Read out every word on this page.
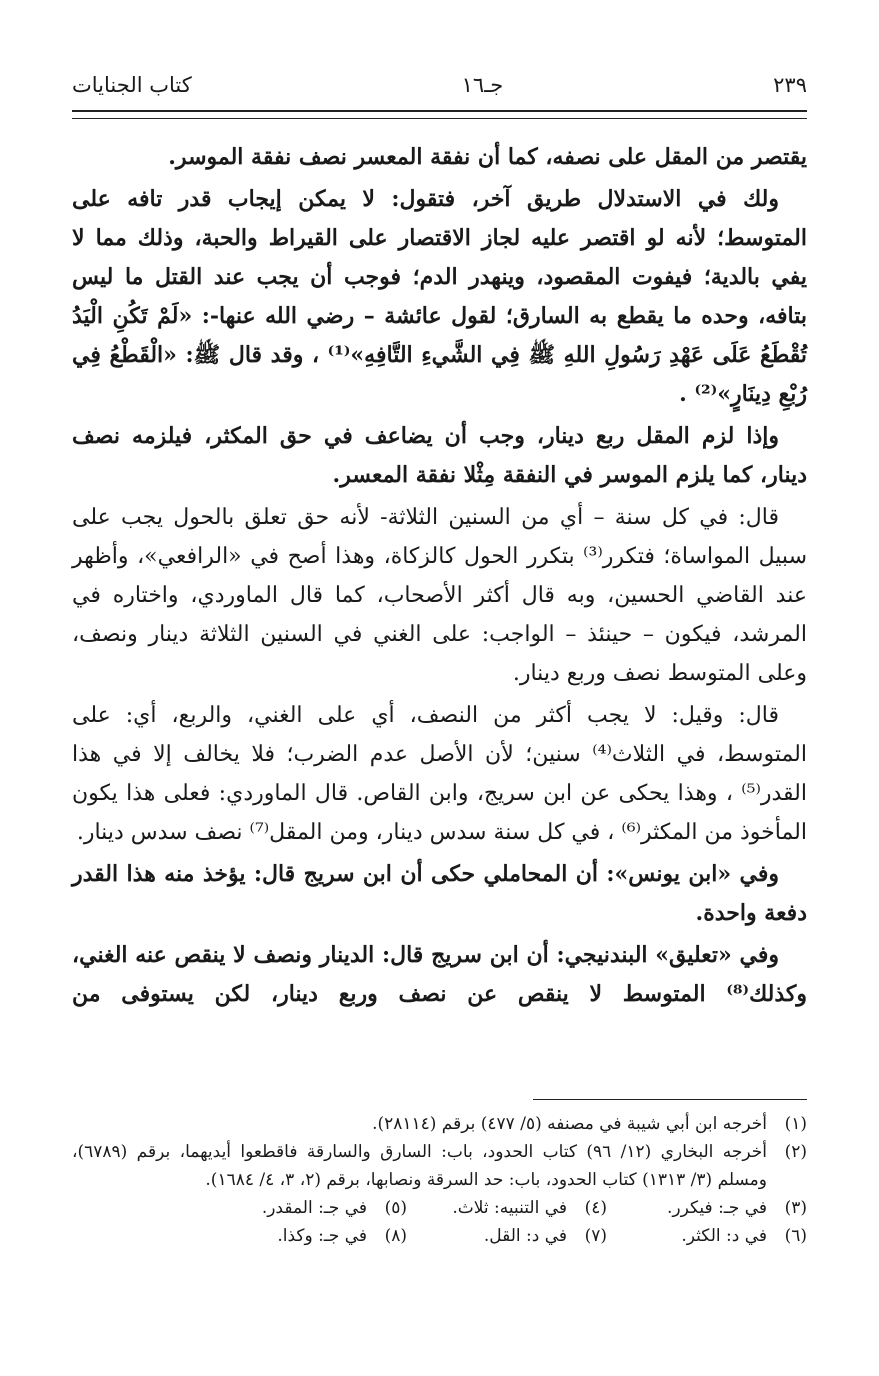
٢٣٩
جـ١٦
كتاب الجنايات

يقتصر من المقل على نصفه، كما أن نفقة المعسر نصف نفقة الموسر.

ولك في الاستدلال طريق آخر، فتقول: لا يمكن إيجاب قدر تافه على المتوسط؛ لأنه لو اقتصر عليه لجاز الاقتصار على القيراط والحبة، وذلك مما لا يفي بالدية؛ فيفوت المقصود، وينهدر الدم؛ فوجب أن يجب عند القتل ما ليس بتافه، وحده ما يقطع به السارق؛ لقول عائشة – رضي الله عنها-: «لَمْ تَكُنِ الْيَدُ تُقْطَعُ عَلَى عَهْدِ رَسُولِ اللهِ ﷺ فِي الشَّيءِ التَّافِهِ»⁽¹⁾ ، وقد قال ﷺ: «الْقَطْعُ فِي رُبْعِ دِينَارٍ»⁽²⁾ .

وإذا لزم المقل ربع دينار، وجب أن يضاعف في حق المكثر، فيلزمه نصف دينار، كما يلزم الموسر في النفقة مِثْلا نفقة المعسر.

قال: في كل سنة – أي من السنين الثلاثة- لأنه حق تعلق بالحول يجب على سبيل المواساة؛ فتكرر⁽³⁾ بتكرر الحول كالزكاة، وهذا أصح في «الرافعي»، وأظهر عند القاضي الحسين، وبه قال أكثر الأصحاب، كما قال الماوردي، واختاره في المرشد، فيكون – حينئذ – الواجب: على الغني في السنين الثلاثة دينار ونصف، وعلى المتوسط نصف وربع دينار.

قال: وقيل: لا يجب أكثر من النصف، أي على الغني، والربع، أي: على المتوسط، في الثلاث⁽⁴⁾ سنين؛ لأن الأصل عدم الضرب؛ فلا يخالف إلا في هذا القدر⁽⁵⁾ ، وهذا يحكى عن ابن سريج، وابن القاص. قال الماوردي: فعلى هذا يكون المأخوذ من المكثر⁽⁶⁾ ، في كل سنة سدس دينار، ومن المقل⁽⁷⁾ نصف سدس دينار.

وفي «ابن يونس»: أن المحاملي حكى أن ابن سريج قال: يؤخذ منه هذا القدر دفعة واحدة.

وفي «تعليق» البندنيجي: أن ابن سريج قال: الدينار ونصف لا ينقص عنه الغني، وكذلك⁽⁸⁾ المتوسط لا ينقص عن نصف وربع دينار، لكن يستوفى من

(١)
أخرجه ابن أبي شيبة في مصنفه (٥/ ٤٧٧) برقم (٢٨١١٤).
(٢)
أخرجه البخاري (١٢/ ٩٦) كتاب الحدود، باب: السارق والسارقة فاقطعوا أيديهما، برقم (٦٧٨٩)، ومسلم (٣/ ١٣١٣) كتاب الحدود، باب: حد السرقة ونصابها، برقم (٢، ٣، ٤/ ١٦٨٤).
(٣)
في جـ: فيكرر.
(٤)
في التنبيه: ثلاث.
(٥)
في جـ: المقدر.
(٦)
في د: الكثر.
(٧)
في د: القل.
(٨)
في جـ: وكذا.
